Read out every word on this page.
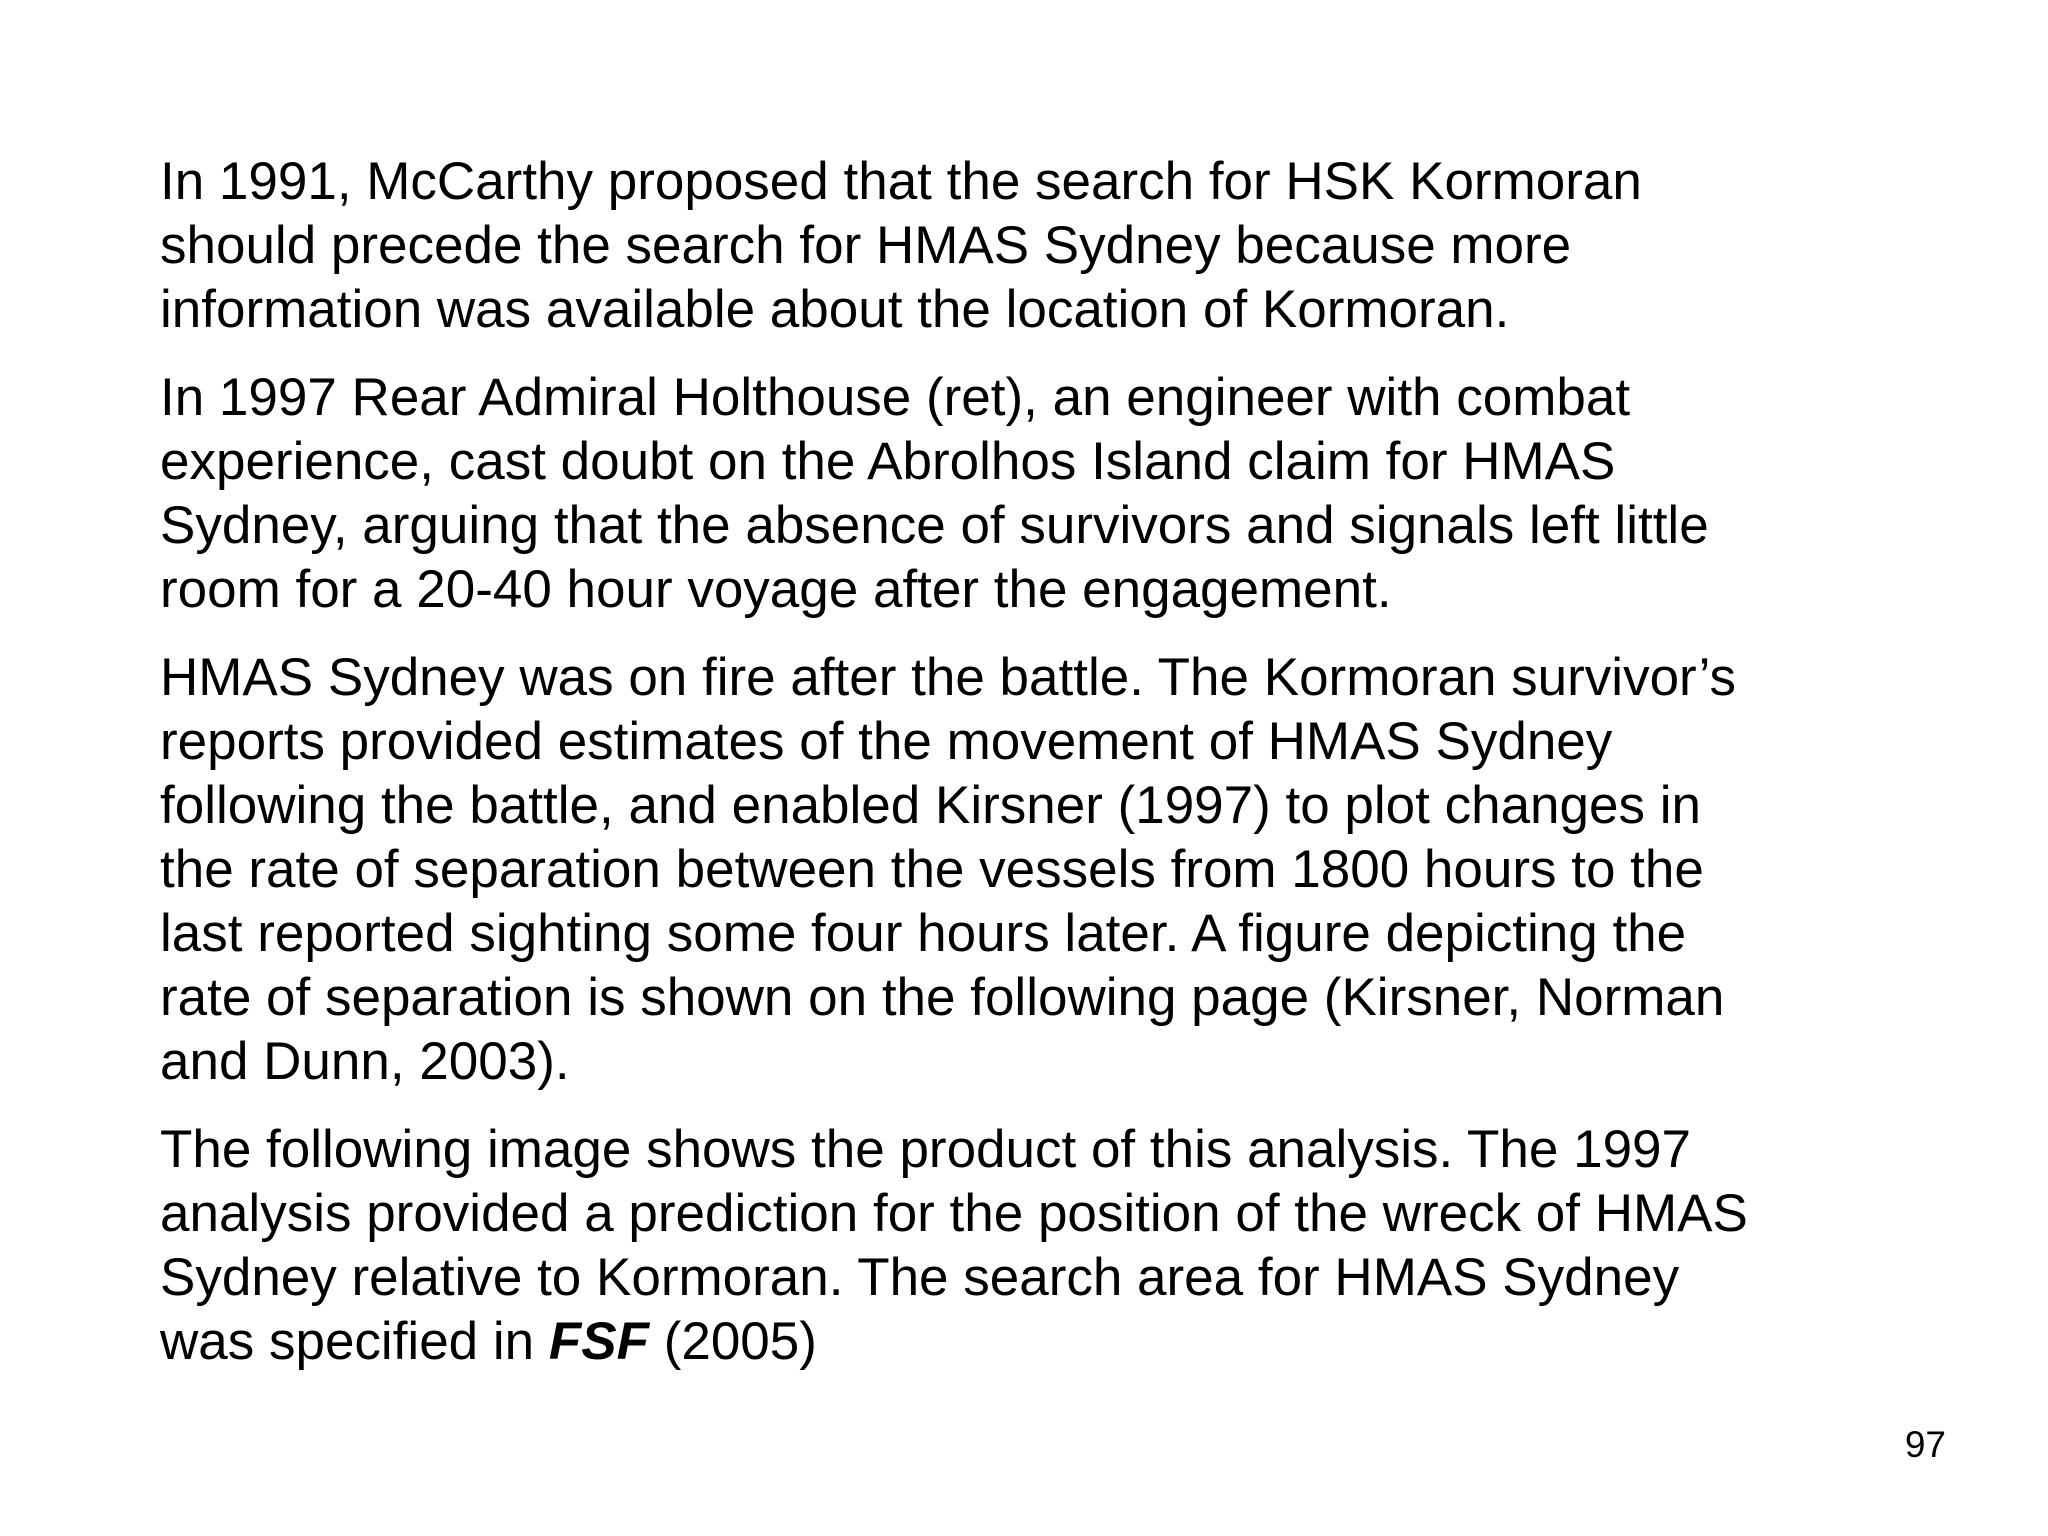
In 1991, McCarthy proposed that the search for HSK Kormoran
should precede the search for HMAS Sydney because more
information was available about the location of Kormoran.

In 1997 Rear Admiral Holthouse (ret), an engineer with combat
experience, cast doubt on the Abrolhos Island claim for HMAS
Sydney, arguing that the absence of survivors and signals left little
room for a 20-40 hour voyage after the engagement.

HMAS Sydney was on fire after the battle. The Kormoran survivor’s
reports provided estimates of the movement of HMAS Sydney
following the battle, and enabled Kirsner (1997) to plot changes in
the rate of separation between the vessels from 1800 hours to the
last reported sighting some four hours later. A figure depicting the
rate of separation is shown on the following page (Kirsner, Norman
and Dunn, 2003).

The following image shows the product of this analysis. The 1997
analysis provided a prediction for the position of the wreck of HMAS
Sydney relative to Kormoran. The search area for HMAS Sydney
was specified in FSF (2005)

97
